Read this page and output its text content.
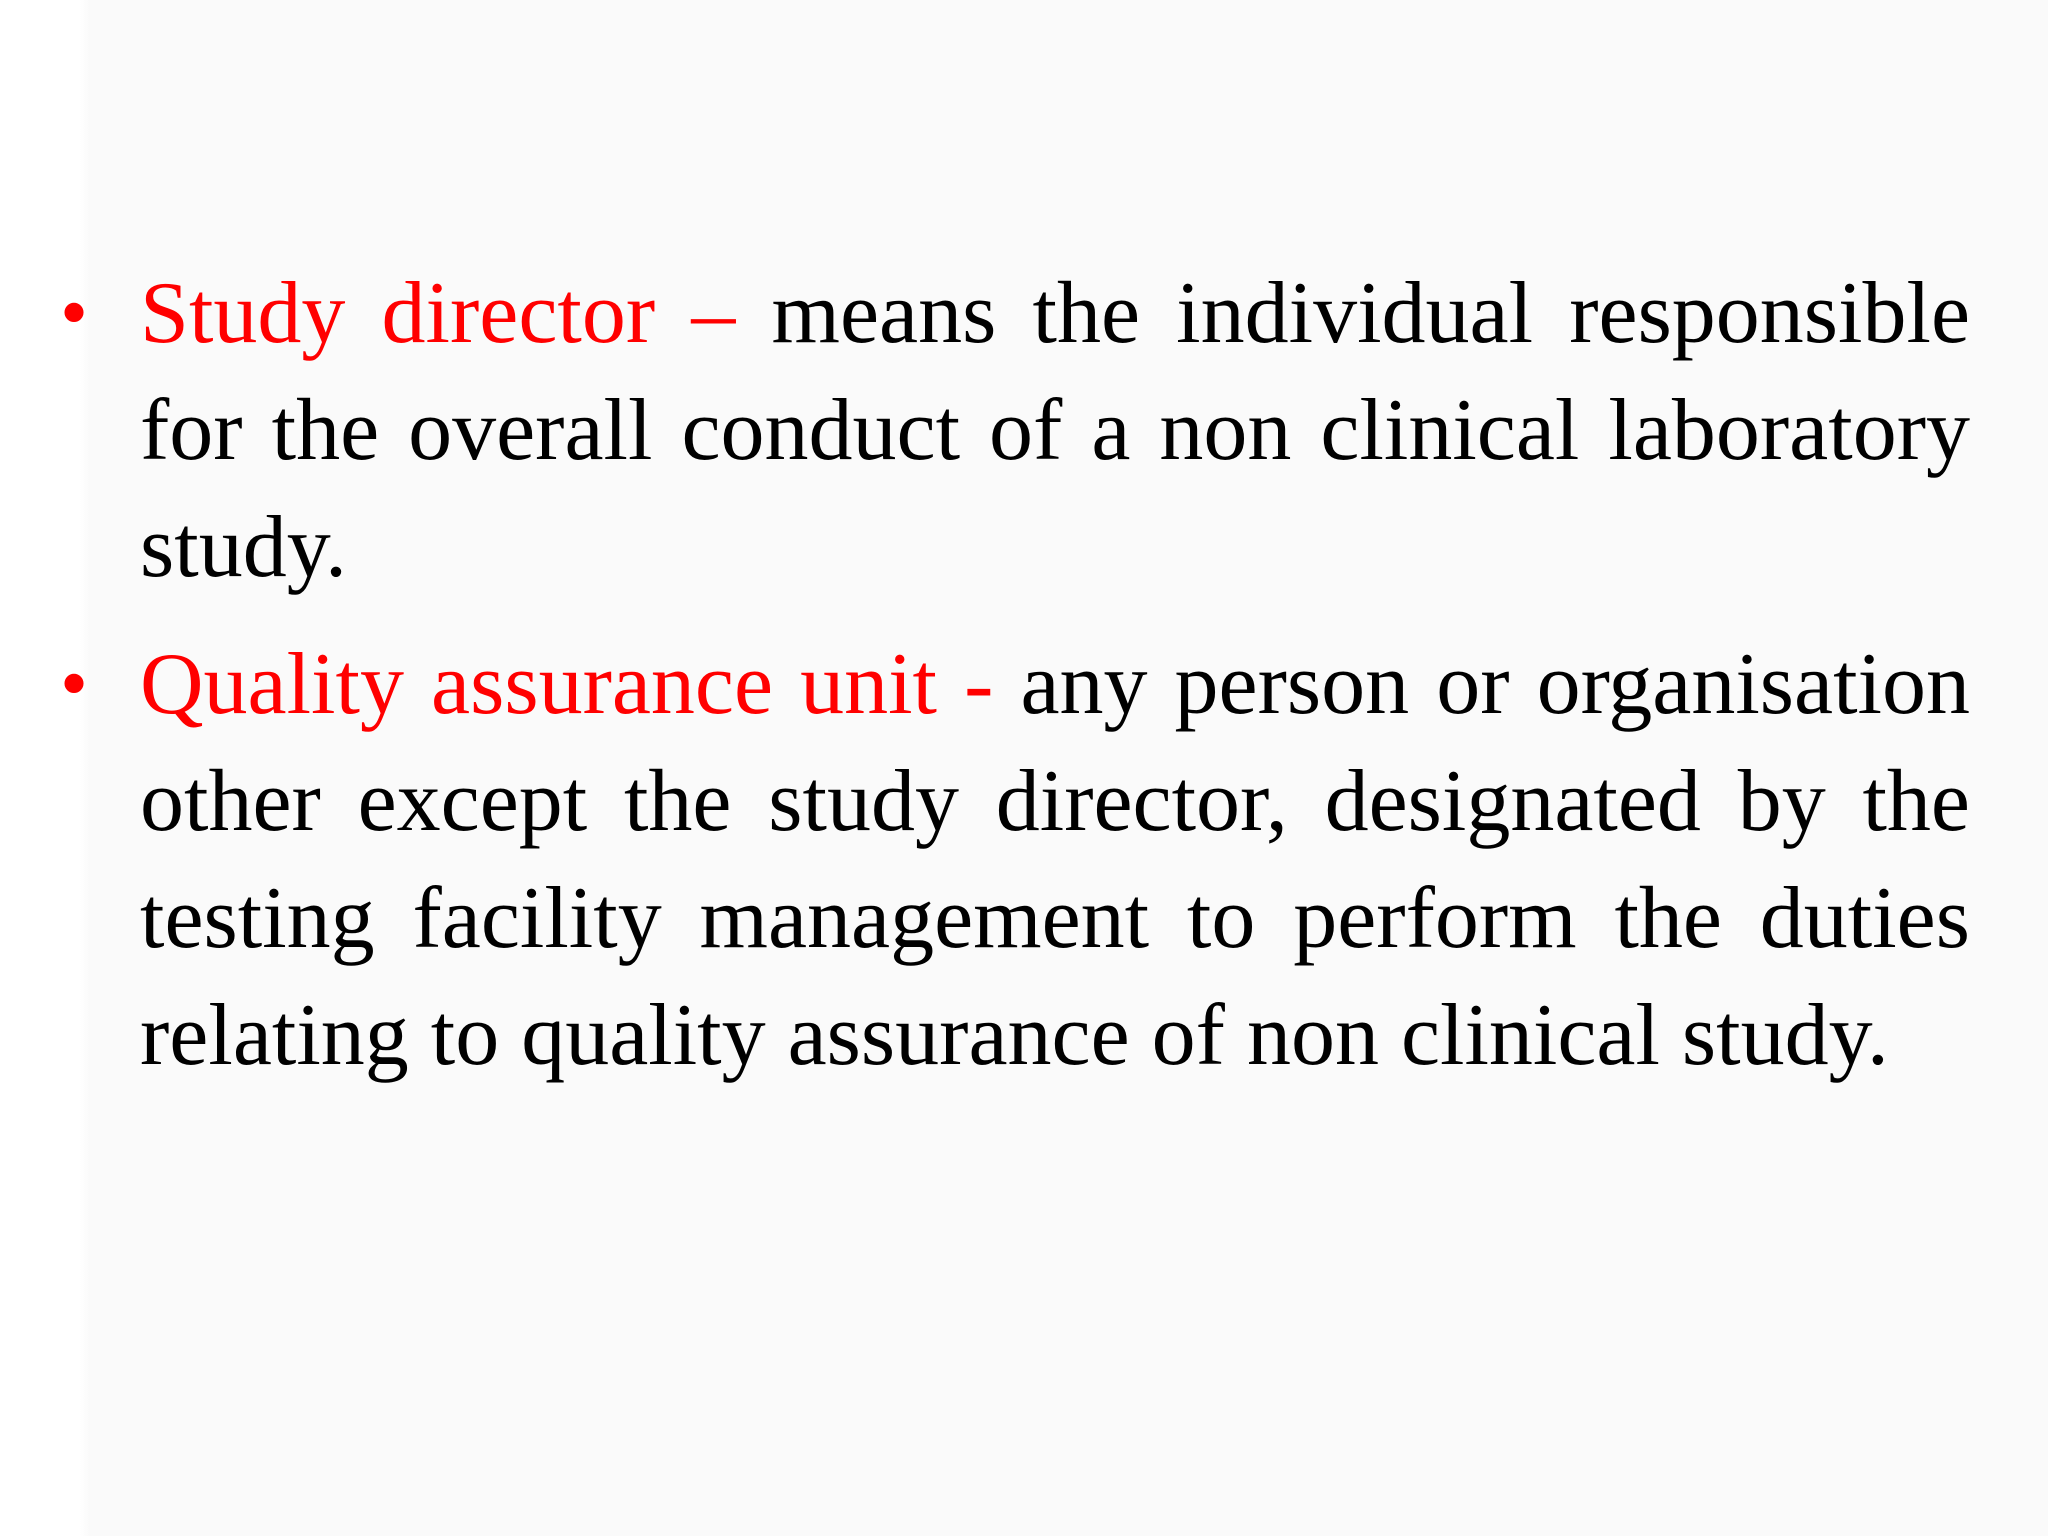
• Study director – means the individual responsible for the overall conduct of a non clinical laboratory study.
• Quality assurance unit - any person or organisation other except the study director, designated by the testing facility management to perform the duties relating to quality assurance of non clinical study.
